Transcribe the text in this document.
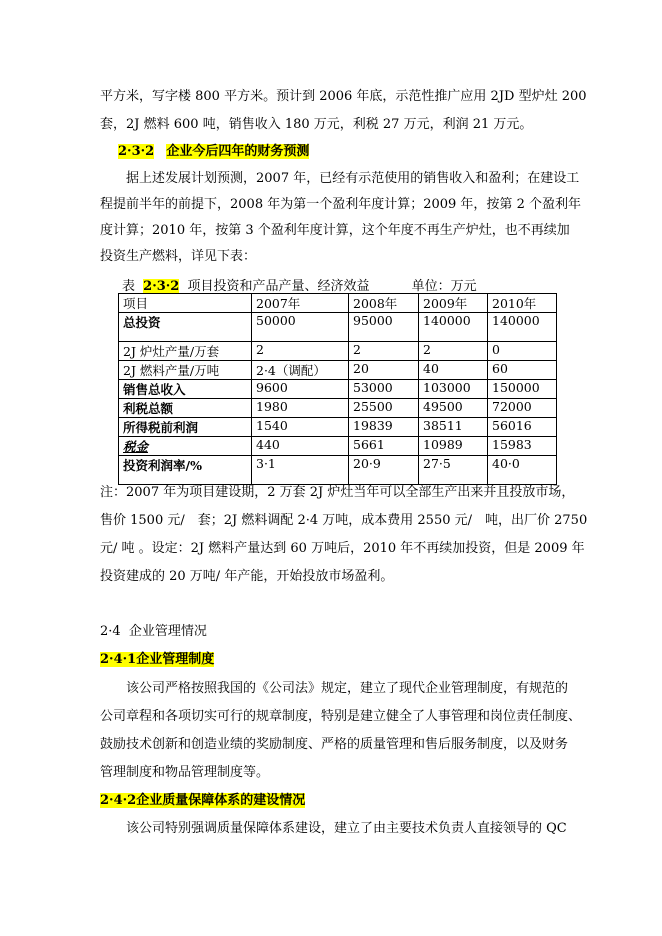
平方米，写字楼 800 平方米。预计到 2006 年底，示范性推广应用 2JD 型炉灶 200
套，2J 燃料 600 吨，销售收入 180 万元，利税 27 万元，利润 21 万元。
2·3·2 企业今后四年的财务预测
据上述发展计划预测，2007 年，已经有示范使用的销售收入和盈利；在建设工
程提前半年的前提下，2008 年为第一个盈利年度计算；2009 年，按第 2 个盈利年
度计算；2010 年，按第 3 个盈利年度计算，这个年度不再生产炉灶，也不再续加
投资生产燃料，详见下表：
表 2·3·2 项目投资和产品产量、经济效益	单位：万元
项目	2007年	2008年	2009年	2010年
总投资	50000	95000	140000	140000
2J 炉灶产量/万套	2	2	2	0
2J 燃料产量/万吨	2·4（调配）	20	40	60
销售总收入	9600	53000	103000	150000
利税总额	1980	25500	49500	72000
所得税前利润	1540	19839	38511	56016
税金	440	5661	10989	15983
投资利润率/%	3·1	20·9	27·5	40·0
注：2007 年为项目建设期，2 万套 2J 炉灶当年可以全部生产出来并且投放市场，
售价 1500 元/　套；2J 燃料调配 2·4 万吨，成本费用 2550 元/　吨，出厂价 2750
元/ 吨 。设定：2J 燃料产量达到 60 万吨后，2010 年不再续加投资，但是 2009 年
投资建成的 20 万吨/ 年产能，开始投放市场盈利。
2·4 企业管理情况
2·4·1企业管理制度
该公司严格按照我国的《公司法》规定，建立了现代企业管理制度，有规范的
公司章程和各项切实可行的规章制度，特别是建立健全了人事管理和岗位责任制度、
鼓励技术创新和创造业绩的奖励制度、严格的质量管理和售后服务制度，以及财务
管理制度和物品管理制度等。
2·4·2企业质量保障体系的建设情况
该公司特别强调质量保障体系建设，建立了由主要技术负责人直接领导的 QC
